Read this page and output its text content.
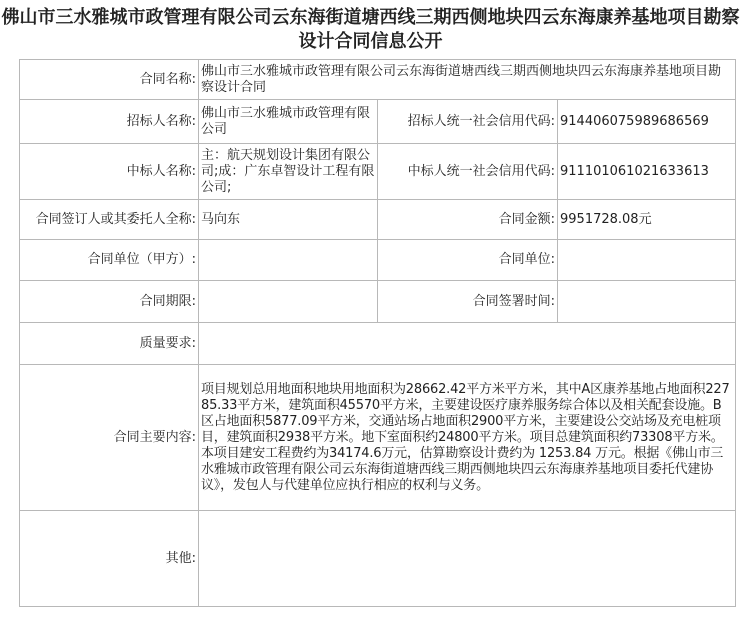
佛山市三水雅城市政管理有限公司云东海街道塘西线三期西侧地块四云东海康养基地项目勘察设计合同信息公开
合同名称:	佛山市三水雅城市政管理有限公司云东海街道塘西线三期西侧地块四云东海康养基地项目勘察设计合同		
招标人名称:	佛山市三水雅城市政管理有限公司	招标人统一社会信用代码:	91440607598968656​9
中标人名称:	主：航天规划设计集团有限公司;成：广东卓智设计工程有限公司;	中标人统一社会信用代码:	911101061021633613
合同签订人或其委托人全称:	马向东	合同金额:	9951728.08元
合同单位（甲方）:		合同单位:	
合同期限:		合同签署时间:	
质量要求:			
合同主要内容:	项目规划总用地面积地块用地面积为28662.42平方米平方米，其中A区康养基地占地面积22785.33平方米，建筑面积45570平方米，主要建设医疗康养服务综合体以及相关配套设施。B区占地面积5877.09平方米，交通站场占地面积2900平方米，主要建设公交站场及充电桩项目，建筑面积2938平方米。地下室面积约24800平方米。项目总建筑面积约73308平方米。本项目建安工程费约为34174.6万元，估算勘察设计费约为 1253.84 万元。根据《佛山市三水雅城市政管理有限公司云东海街道塘西线三期西侧地块四云东海康养基地项目委托代建协议》，发包人与代建单位应执行相应的权利与义务。		
其他:			
